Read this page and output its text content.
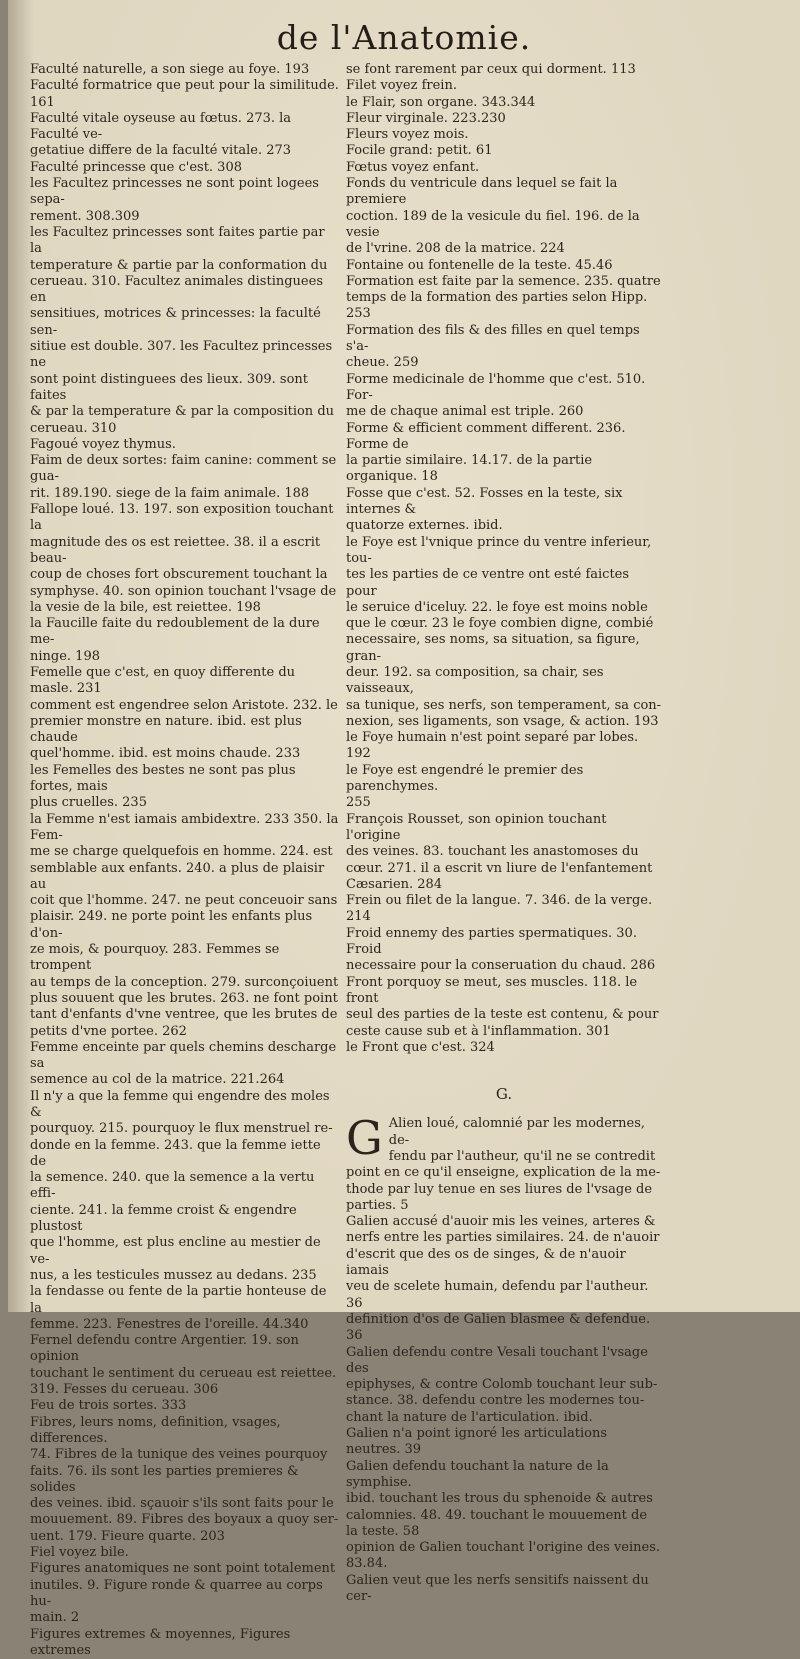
de l'Anatomie.

Faculté naturelle, a son siege au foye. 193

Faculté formatrice que peut pour la similitude.

161

Faculté vitale oyseuse au fœtus. 273. la Faculté ve-

getatiue differe de la faculté vitale. 273

Faculté princesse que c'est. 308

les Facultez princesses ne sont point logees sepa-

rement. 308.309

les Facultez princesses sont faites partie par la

temperature & partie par la conformation du

cerueau. 310. Facultez animales distinguees en

sensitiues, motrices & princesses: la faculté sen-

sitiue est double. 307. les Facultez princesses ne

sont point distinguees des lieux. 309. sont faites

& par la temperature & par la composition du

cerueau. 310

Fagoué voyez thymus.

Faim de deux sortes: faim canine: comment se gua-

rit. 189.190. siege de la faim animale. 188

Fallope loué. 13. 197. son exposition touchant la

magnitude des os est reiettee. 38. il a escrit beau-

coup de choses fort obscurement touchant la

symphyse. 40. son opinion touchant l'vsage de

la vesie de la bile, est reiettee. 198

la Faucille faite du redoublement de la dure me-

ninge. 198

Femelle que c'est, en quoy differente du masle. 231

comment est engendree selon Aristote. 232. le

premier monstre en nature. ibid. est plus chaude

quel'homme. ibid. est moins chaude. 233

les Femelles des bestes ne sont pas plus fortes, mais

plus cruelles. 235

la Femme n'est iamais ambidextre. 233 350. la Fem-

me se charge quelquefois en homme. 224. est

semblable aux enfants. 240. a plus de plaisir au

coit que l'homme. 247. ne peut conceuoir sans

plaisir. 249. ne porte point les enfants plus d'on-

ze mois, & pourquoy. 283. Femmes se trompent

au temps de la conception. 279. surconçoiuent

plus souuent que les brutes. 263. ne font point

tant d'enfants d'vne ventree, que les brutes de

petits d'vne portee. 262

Femme enceinte par quels chemins descharge sa

semence au col de la matrice. 221.264

Il n'y a que la femme qui engendre des moles &

pourquoy. 215. pourquoy le flux menstruel re-

donde en la femme. 243. que la femme iette de

la semence. 240. que la semence a la vertu effi-

ciente. 241. la femme croist & engendre plustost

que l'homme, est plus encline au mestier de ve-

nus, a les testicules mussez au dedans. 235

la fendasse ou fente de la partie honteuse de la

femme. 223. Fenestres de l'oreille. 44.340

Fernel defendu contre Argentier. 19. son opinion

touchant le sentiment du cerueau est reiettee.

319. Fesses du cerueau. 306

Feu de trois sortes. 333

Fibres, leurs noms, definition, vsages, differences.

74. Fibres de la tunique des veines pourquoy

faits. 76. ils sont les parties premieres & solides

des veines. ibid. sçauoir s'ils sont faits pour le

mouuement. 89. Fibres des boyaux a quoy ser-

uent. 179. Fieure quarte. 203

Fiel voyez bile.

Figures anatomiques ne sont point totalement

inutiles. 9. Figure ronde & quarree au corps hu-

main. 2

Figures extremes & moyennes, Figures extremes

se font rarement par ceux qui dorment. 113

Filet voyez frein.

le Flair, son organe. 343.344

Fleur virginale. 223.230

Fleurs voyez mois.

Focile grand: petit. 61

Fœtus voyez enfant.

Fonds du ventricule dans lequel se fait la premiere

coction. 189 de la vesicule du fiel. 196. de la vesie

de l'vrine. 208 de la matrice. 224

Fontaine ou fontenelle de la teste. 45.46

Formation est faite par la semence. 235. quatre

temps de la formation des parties selon Hipp. 253

Formation des fils & des filles en quel temps s'a-

cheue. 259

Forme medicinale de l'homme que c'est. 510. For-

me de chaque animal est triple. 260

Forme & efficient comment different. 236. Forme de

la partie similaire. 14.17. de la partie organique. 18

Fosse que c'est. 52. Fosses en la teste, six internes &

quatorze externes. ibid.

le Foye est l'vnique prince du ventre inferieur, tou-

tes les parties de ce ventre ont esté faictes pour

le seruice d'iceluy. 22. le foye est moins noble

que le cœur. 23 le foye combien digne, combié

necessaire, ses noms, sa situation, sa figure, gran-

deur. 192. sa composition, sa chair, ses vaisseaux,

sa tunique, ses nerfs, son temperament, sa con-

nexion, ses ligaments, son vsage, & action. 193

le Foye humain n'est point separé par lobes. 192

le Foye est engendré le premier des parenchymes.

255

François Rousset, son opinion touchant l'origine

des veines. 83. touchant les anastomoses du

cœur. 271. il a escrit vn liure de l'enfantement

Cæsarien. 284

Frein ou filet de la langue. 7. 346. de la verge. 214

Froid ennemy des parties spermatiques. 30. Froid

necessaire pour la conseruation du chaud. 286

Front porquoy se meut, ses muscles. 118. le front

seul des parties de la teste est contenu, & pour

ceste cause sub et à l'inflammation. 301

le Front que c'est. 324

G.
G Alien loué, calomnié par les modernes, de-

fendu par l'autheur, qu'il ne se contredit

point en ce qu'il enseigne, explication de la me-

thode par luy tenue en ses liures de l'vsage de

parties. 5

Galien accusé d'auoir mis les veines, arteres &

nerfs entre les parties similaires. 24. de n'auoir

d'escrit que des os de singes, & de n'auoir iamais

veu de scelete humain, defendu par l'autheur. 36

definition d'os de Galien blasmee & defendue. 36

Galien defendu contre Vesali touchant l'vsage des

epiphyses, & contre Colomb touchant leur sub-

stance. 38. defendu contre les modernes tou-

chant la nature de l'articulation. ibid.

Galien n'a point ignoré les articulations neutres. 39

Galien defendu touchant la nature de la symphise.

ibid. touchant les trous du sphenoide & autres

calomnies. 48. 49. touchant le mouuement de

la teste. 58

opinion de Galien touchant l'origine des veines.

83.84.

Galien veut que les nerfs sensitifs naissent du cer-
